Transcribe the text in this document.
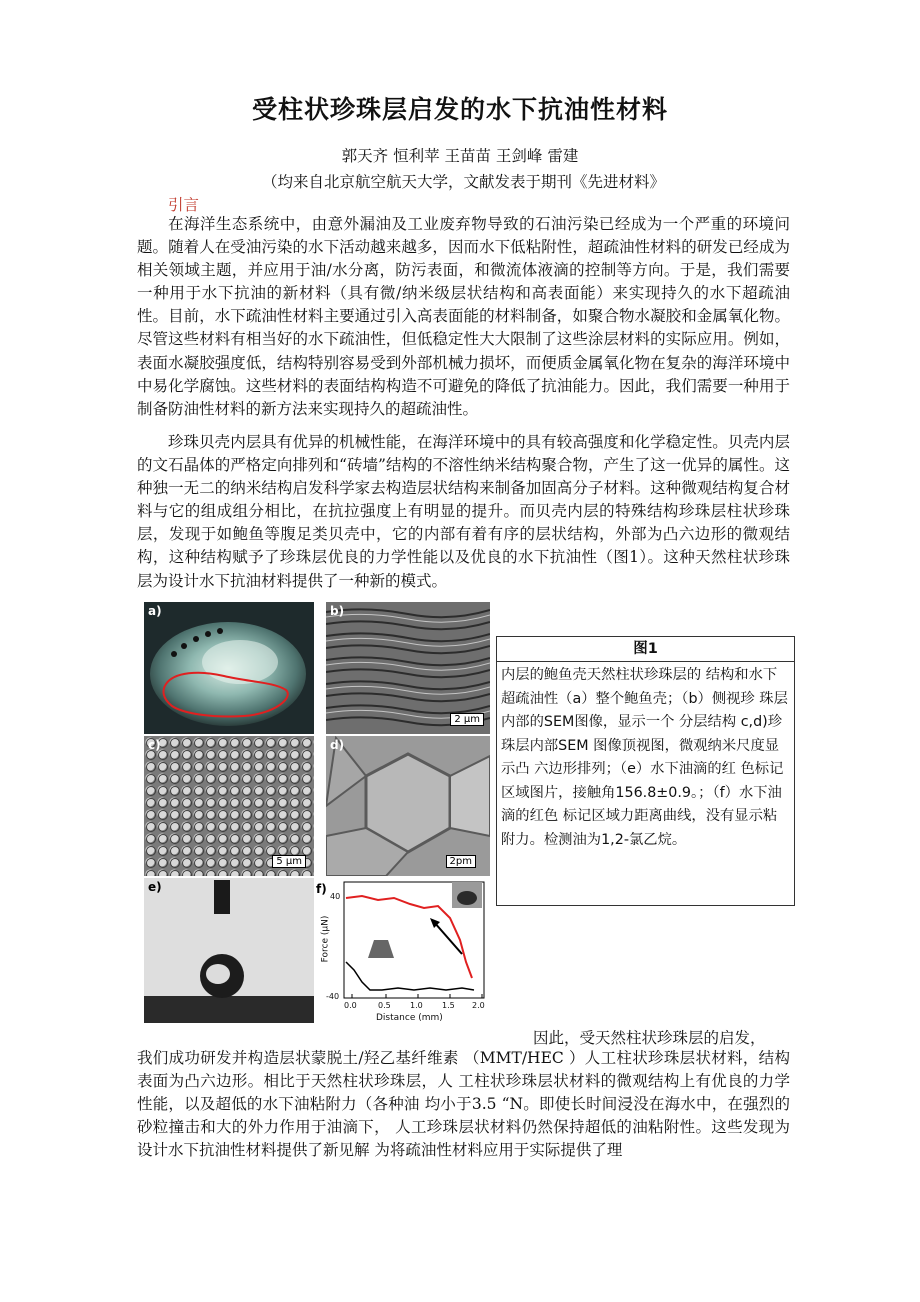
受柱状珍珠层启发的水下抗油性材料
郭天齐 恒利苹 王苗苗 王剑峰 雷建
（均来自北京航空航天大学，文献发表于期刊《先进材料》
引言

在海洋生态系统中，由意外漏油及工业废弃物导致的石油污染已经成为一个严重的环境问题。随着人在受油污染的水下活动越来越多，因而水下低粘附性，超疏油性材料的研发已经成为相关领域主题，并应用于油/水分离，防污表面，和微流体液滴的控制等方向。于是，我们需要一种用于水下抗油的新材料（具有微/纳米级层状结构和高表面能）来实现持久的水下超疏油性。目前，水下疏油性材料主要通过引入高表面能的材料制备，如聚合物水凝胶和金属氧化物。尽管这些材料有相当好的水下疏油性，但低稳定性大大限制了这些涂层材料的实际应用。例如，表面水凝胶强度低，结构特别容易受到外部机械力损坏，而便质金属氧化物在复杂的海洋环境中中易化学腐蚀。这些材料的表面结构构造不可避免的降低了抗油能力。因此，我们需要一种用于制备防油性材料的新方法来实现持久的超疏油性。

珍珠贝壳内层具有优异的机械性能，在海洋环境中的具有较高强度和化学稳定性。贝壳内层的文石晶体的严格定向排列和“砖墙”结构的不溶性纳米结构聚合物，产生了这一优异的属性。这种独一无二的纳米结构启发科学家去构造层状结构来制备加固高分子材料。这种微观结构复合材料与它的组成组分相比，在抗拉强度上有明显的提升。而贝壳内层的特殊结构珍珠层柱状珍珠层，发现于如鲍鱼等腹足类贝壳中，它的内部有着有序的层状结构，外部为凸六边形的微观结构，这种结构赋予了珍珠层优良的力学性能以及优良的水下抗油性（图1）。这种天然柱状珍珠层为设计水下抗油材料提供了一种新的模式。

a)	b)
2 μm
c)
5 μm
d)
2pm
e)	f)
Force (μN)
40
-40
0.0	0.5 1.0 1.5 2.0
Distance (mm)
图1
内层的鲍鱼壳天然柱状珍珠层的 结构和水下超疏油性（a）整个鲍鱼壳；（b）侧视珍 珠层内部的SEM图像，显示一个 分层结构 c,d)珍珠层内部SEM 图像顶视图，微观纳米尺度显示凸 六边形排列；（e）水下油滴的红 色标记区域图片，接触角156.8±0.9。；（f）水下油滴的红色 标记区域力距离曲线，没有显示粘 附力。检测油为1,2-氯乙烷。
因此，受天然柱状珍珠层的启发，

我们成功研发并构造层状蒙脱土/羟乙基纤维素 （MMT/HEC ）人工柱状珍珠层状材料，结构表面为凸六边形。相比于天然柱状珍珠层，人 工柱状珍珠层状材料的微观结构上有优良的力学性能，以及超低的水下油粘附力（各种油 均小于3.5 “N。即使长时间浸没在海水中，在强烈的砂粒撞击和大的外力作用于油滴下， 人工珍珠层状材料仍然保持超低的油粘附性。这些发现为设计水下抗油性材料提供了新见解 为将疏油性材料应用于实际提供了理
